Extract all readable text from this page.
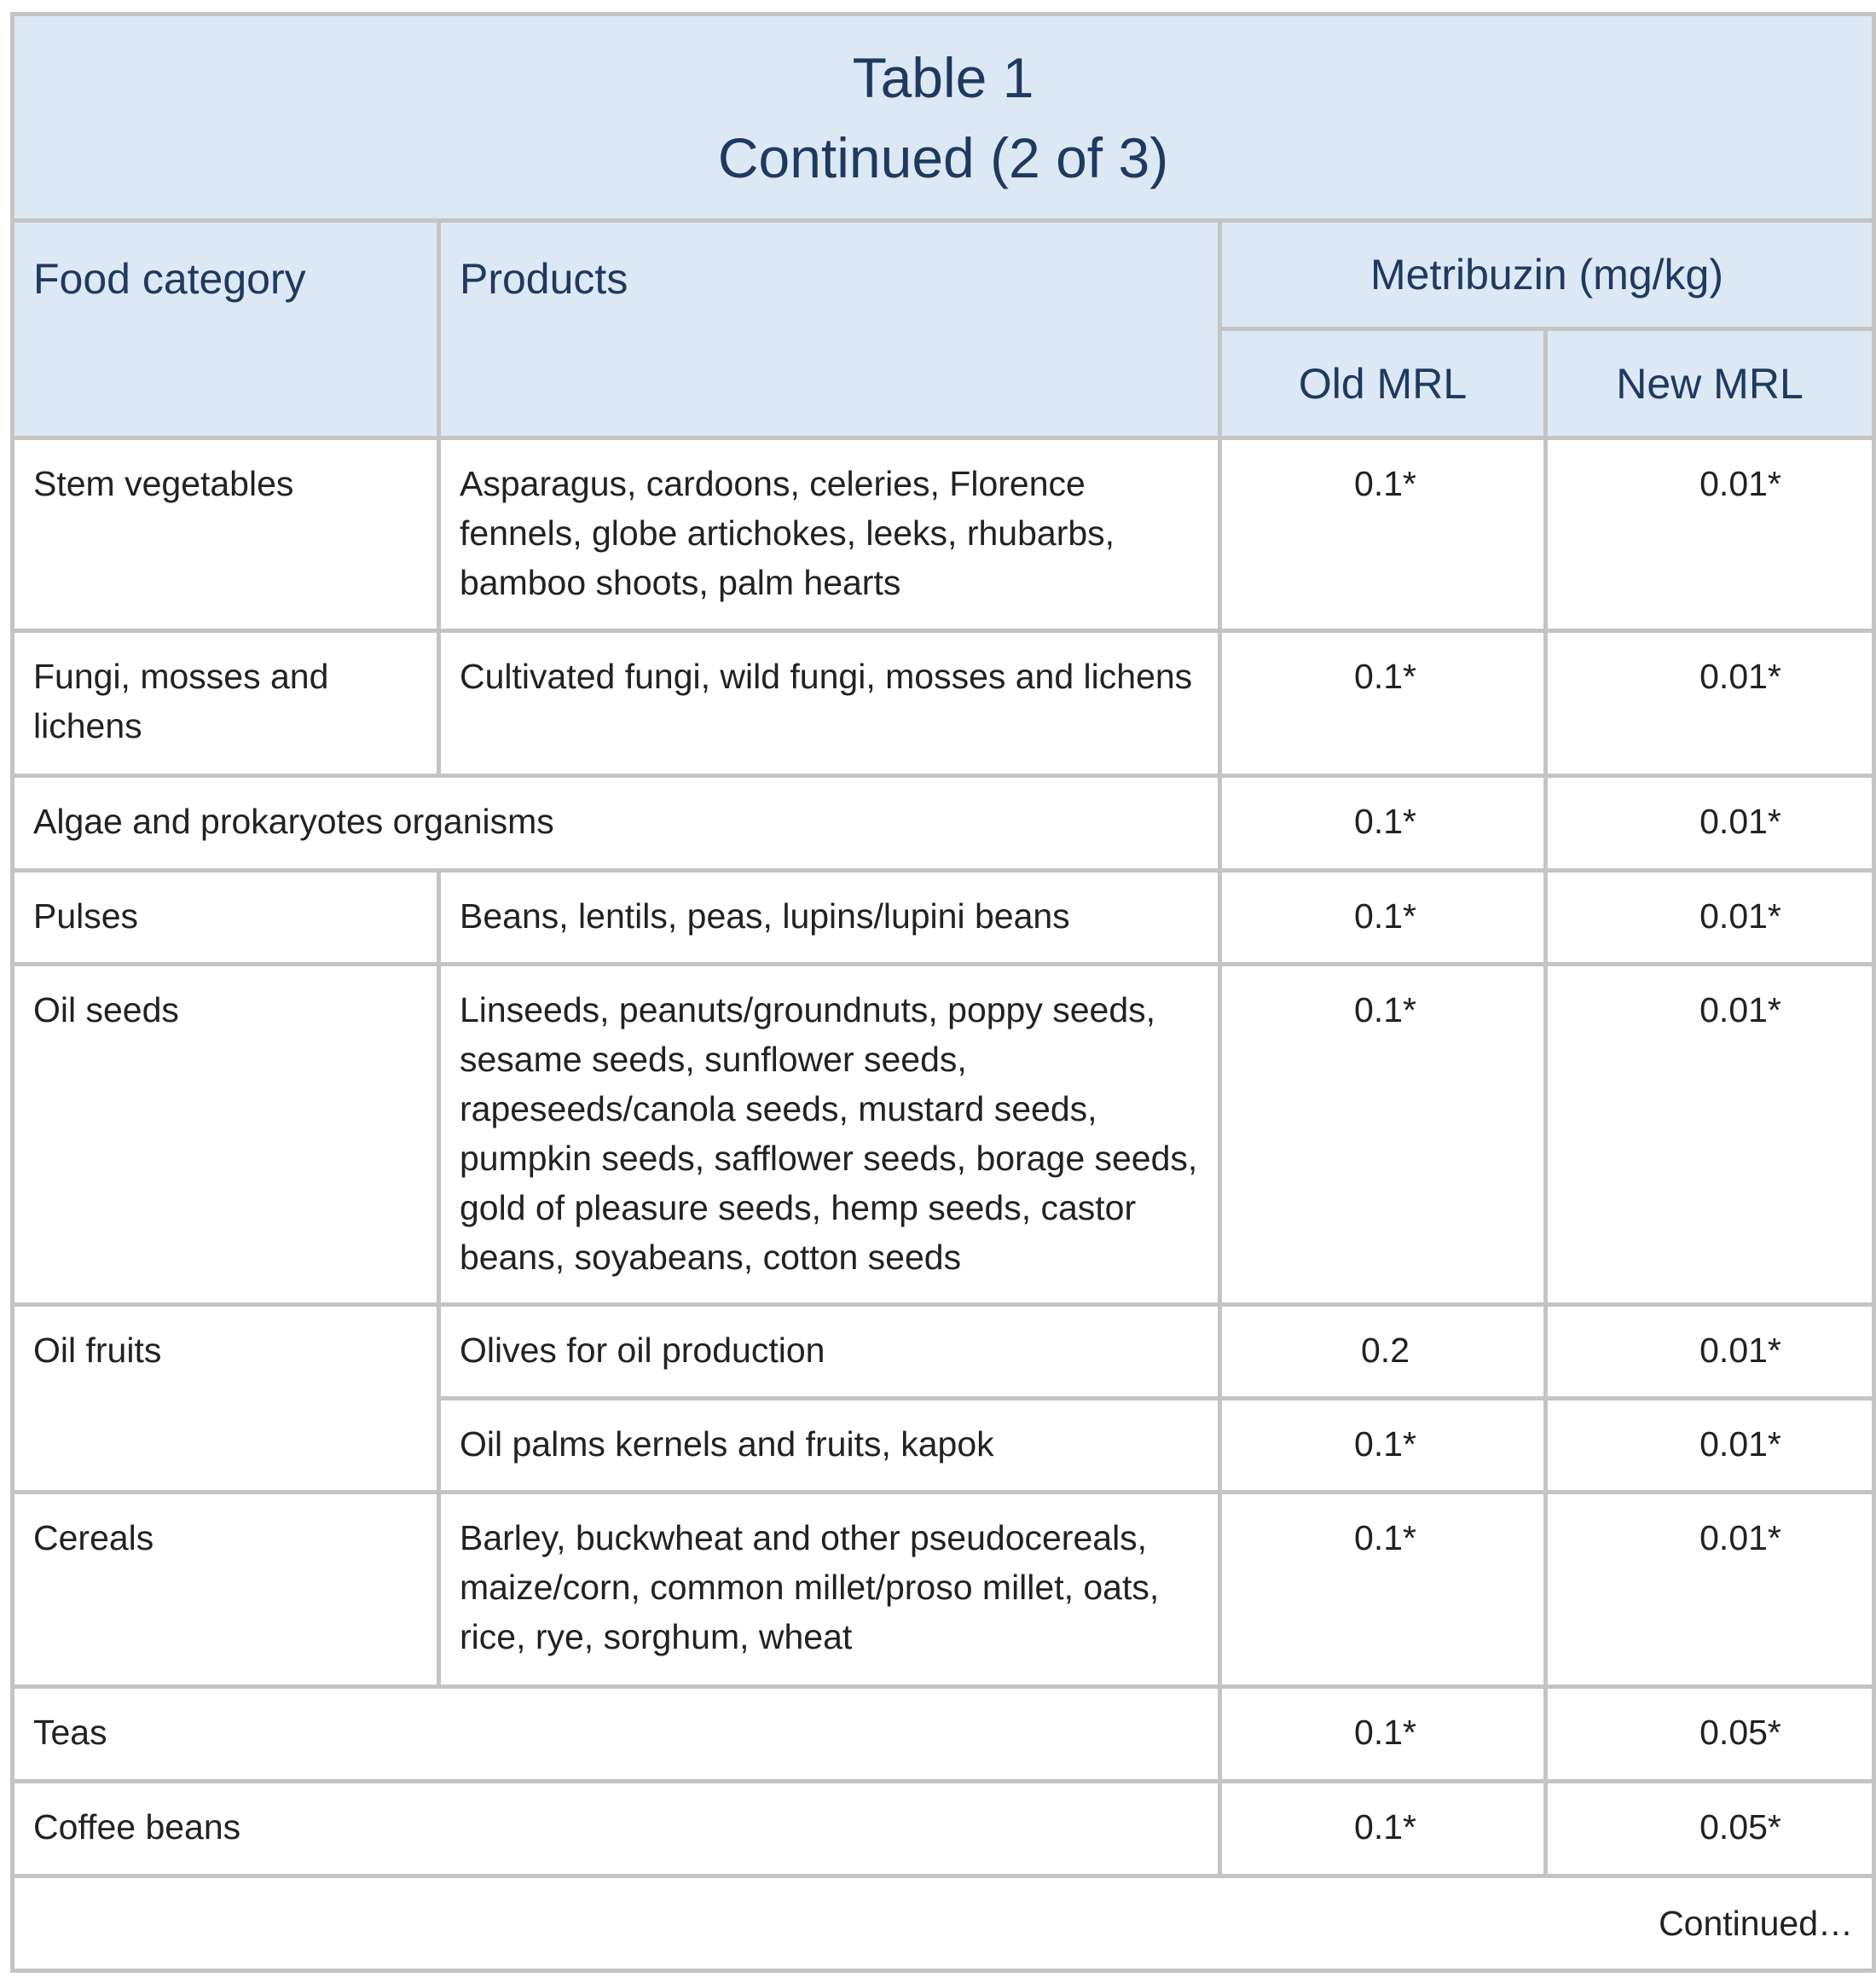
Table 1
Continued (2 of 3)			

Food category	Products	Metribuzin (mg/kg)	
		Old MRL	New MRL
Stem vegetables	Asparagus, cardoons, celeries, Florence fennels, globe artichokes, leeks, rhubarbs, bamboo shoots, palm hearts	0.1*	0.01*
Fungi, mosses and lichens	Cultivated fungi, wild fungi, mosses and lichens	0.1*	0.01*
Algae and prokaryotes organisms		0.1*	0.01*
Pulses	Beans, lentils, peas, lupins/lupini beans	0.1*	0.01*
Oil seeds	Linseeds, peanuts/groundnuts, poppy seeds, sesame seeds, sunflower seeds, rapeseeds/canola seeds, mustard seeds, pumpkin seeds, safflower seeds, borage seeds, gold of pleasure seeds, hemp seeds, castor beans, soyabeans, cotton seeds	0.1*	0.01*
Oil fruits	Olives for oil production	0.2	0.01*
	Oil palms kernels and fruits, kapok	0.1*	0.01*
Cereals	Barley, buckwheat and other pseudocereals, maize/corn, common millet/proso millet, oats, rice, rye, sorghum, wheat	0.1*	0.01*
Teas		0.1*	0.05*
Coffee beans		0.1*	0.05*
Continued…			
